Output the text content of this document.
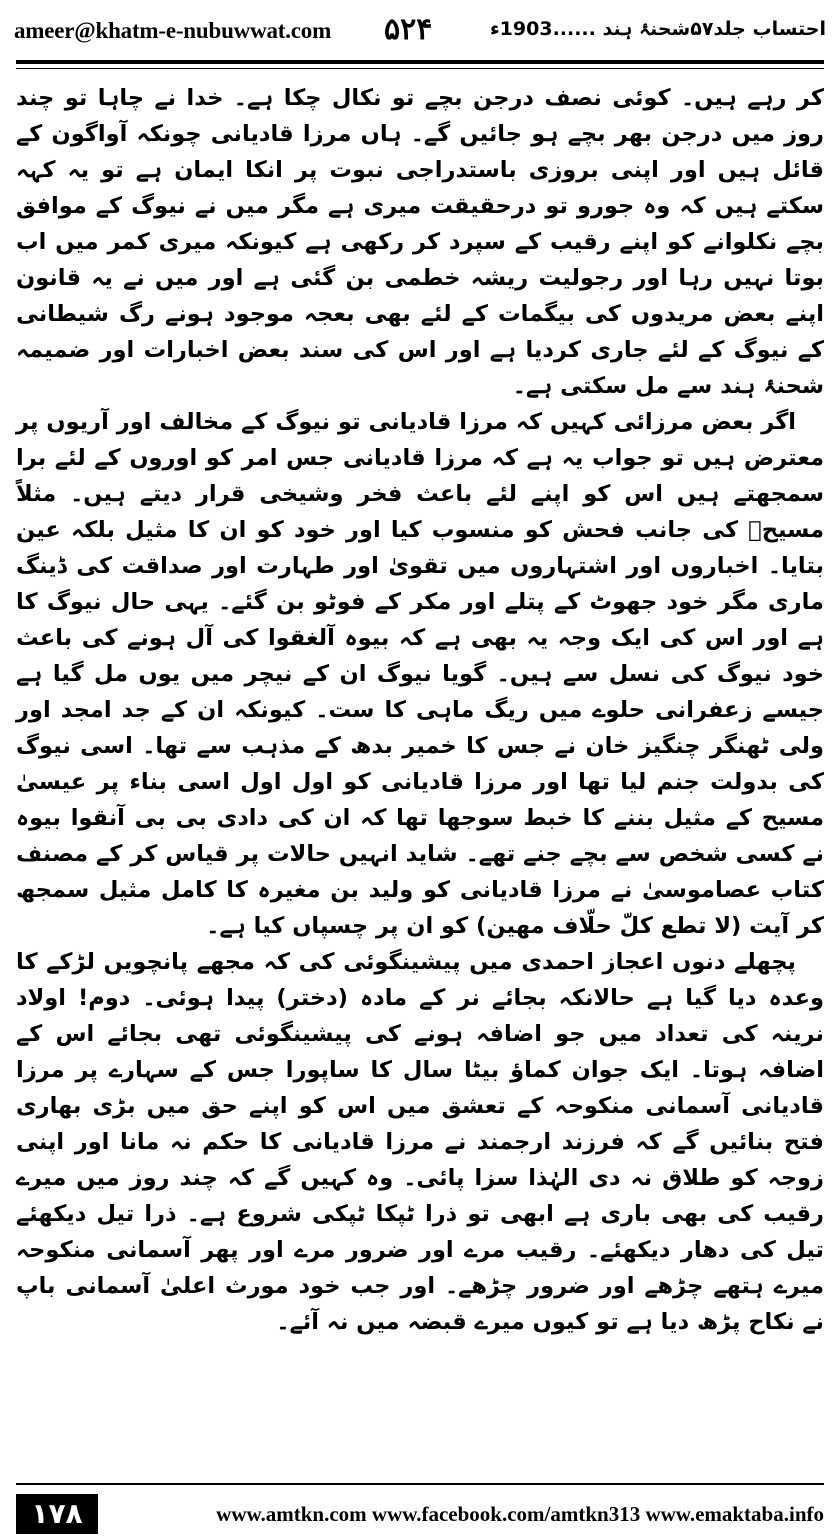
ameer@khatm-e-nubuwwat.com ۵۲۴	احتساب جلد۵۷شحنۂ ہند ......1903ء

کر رہے ہیں۔ کوئی نصف درجن بچے تو نکال چکا ہے۔ خدا نے چاہا تو چند روز میں درجن بھر بچے ہو جائیں گے۔ ہاں مرزا قادیانی چونکہ آواگون کے قائل ہیں اور اپنی بروزی باستدراجی نبوت پر انکا ایمان ہے تو یہ کہہ سکتے ہیں کہ وہ جورو تو درحقیقت میری ہے مگر میں نے نیوگ کے موافق بچے نکلوانے کو اپنے رقیب کے سپرد کر رکھی ہے کیونکہ میری کمر میں اب بوتا نہیں رہا اور رجولیت ریشہ خطمی بن گئی ہے اور میں نے یہ قانون اپنے بعض مریدوں کی بیگمات کے لئے بھی بعجہ موجود ہونے رگ شیطانی کے نیوگ کے لئے جاری کردیا ہے اور اس کی سند بعض اخبارات اور ضمیمہ شحنۂ ہند سے مل سکتی ہے۔

اگر بعض مرزائی کہیں کہ مرزا قادیانی تو نیوگ کے مخالف اور آریوں پر معترض ہیں تو جواب یہ ہے کہ مرزا قادیانی جس امر کو اوروں کے لئے برا سمجھتے ہیں اس کو اپنے لئے باعث فخر وشیخی قرار دیتے ہیں۔ مثلاً مسیحؑ کی جانب فحش کو منسوب کیا اور خود کو ان کا مثیل بلکہ عین بتایا۔ اخباروں اور اشتہاروں میں تقویٰ اور طہارت اور صداقت کی ڈینگ ماری مگر خود جھوٹ کے پتلے اور مکر کے فوٹو بن گئے۔ یہی حال نیوگ کا ہے اور اس کی ایک وجہ یہ بھی ہے کہ بیوہ آلغقوا کی آل ہونے کی باعث خود نیوگ کی نسل سے ہیں۔ گویا نیوگ ان کے نیچر میں یوں مل گیا ہے جیسے زعفرانی حلوے میں ریگ ماہی کا ست۔ کیونکہ ان کے جد امجد اور ولی ٹھنگر چنگیز خان نے جس کا خمیر بدھ کے مذہب سے تھا۔ اسی نیوگ کی بدولت جنم لیا تھا اور مرزا قادیانی کو اول اول اسی بناء پر عیسیٰ مسیح کے مثیل بننے کا خبط سوجھا تھا کہ ان کی دادی بی بی آنقوا بیوہ نے کسی شخص سے بچے جنے تھے۔ شاید انہیں حالات پر قیاس کر کے مصنف کتاب عصاموسیٰ نے مرزا قادیانی کو ولید بن مغیرہ کا کامل مثیل سمجھ کر آیت (لا تطع کلّ حلّاف مهين) کو ان پر چسپاں کیا ہے۔

پچھلے دنوں اعجاز احمدی میں پیشینگوئی کی کہ مجھے پانچویں لڑکے کا وعدہ دیا گیا ہے حالانکہ بجائے نر کے مادہ (دختر) پیدا ہوئی۔ دوم! اولاد نرینہ کی تعداد میں جو اضافہ ہونے کی پیشینگوئی تھی بجائے اس کے اضافہ ہوتا۔ ایک جوان کماؤ بیٹا سال کا ساپورا جس کے سہارے پر مرزا قادیانی آسمانی منکوحہ کے تعشق میں اس کو اپنے حق میں بڑی بھاری فتح بنائیں گے کہ فرزند ارجمند نے مرزا قادیانی کا حکم نہ مانا اور اپنی زوجہ کو طلاق نہ دی الہٰذا سزا پائی۔ وہ کہیں گے کہ چند روز میں میرے رقیب کی بھی باری ہے ابھی تو ذرا ٹپکا ٹپکی شروع ہے۔ ذرا تیل دیکھئے تیل کی دھار دیکھئے۔ رقیب مرے اور ضرور مرے اور پھر آسمانی منکوحہ میرے ہتھے چڑھے اور ضرور چڑھے۔ اور جب خود مورث اعلیٰ آسمانی باپ نے نکاح پڑھ دیا ہے تو کیوں میرے قبضہ میں نہ آئے۔

۱۷۸	www.amtkn.com www.facebook.com/amtkn313 www.emaktaba.info
